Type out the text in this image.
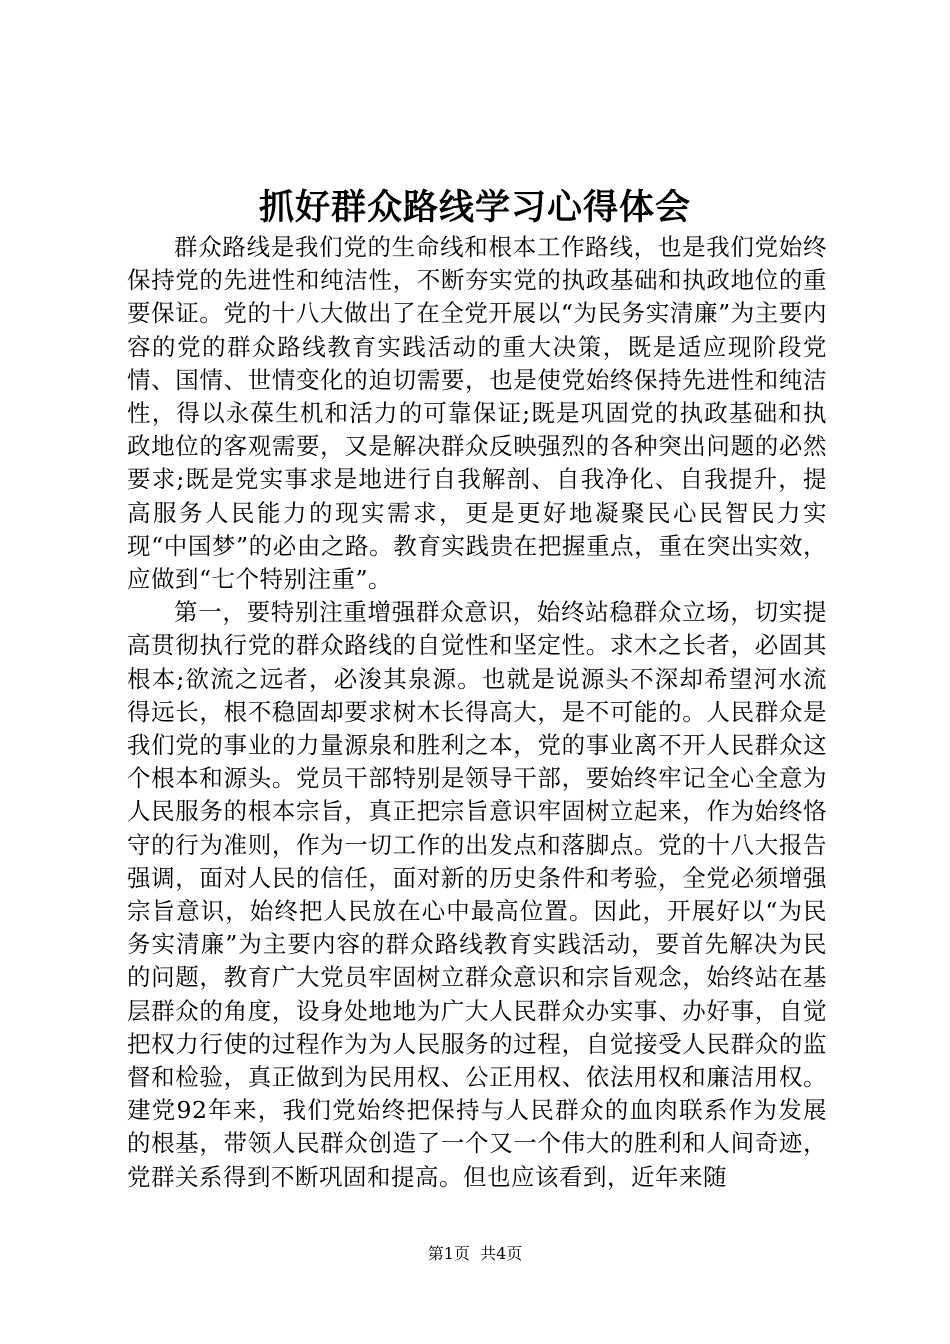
抓好群众路线学习心得体会

群众路线是我们党的生命线和根本工作路线，也是我们党始终保持党的先进性和纯洁性，不断夯实党的执政基础和执政地位的重要保证。党的十八大做出了在全党开展以“为民务实清廉”为主要内容的党的群众路线教育实践活动的重大决策，既是适应现阶段党情、国情、世情变化的迫切需要，也是使党始终保持先进性和纯洁性，得以永葆生机和活力的可靠保证;既是巩固党的执政基础和执政地位的客观需要，又是解决群众反映强烈的各种突出问题的必然要求;既是党实事求是地进行自我解剖、自我净化、自我提升，提高服务人民能力的现实需求，更是更好地凝聚民心民智民力实现“中国梦”的必由之路。教育实践贵在把握重点，重在突出实效，应做到“七个特别注重”。

第一，要特别注重增强群众意识，始终站稳群众立场，切实提高贯彻执行党的群众路线的自觉性和坚定性。求木之长者，必固其根本;欲流之远者，必浚其泉源。也就是说源头不深却希望河水流得远长，根不稳固却要求树木长得高大，是不可能的。人民群众是我们党的事业的力量源泉和胜利之本，党的事业离不开人民群众这个根本和源头。党员干部特别是领导干部，要始终牢记全心全意为人民服务的根本宗旨，真正把宗旨意识牢固树立起来，作为始终恪守的行为准则，作为一切工作的出发点和落脚点。党的十八大报告强调，面对人民的信任，面对新的历史条件和考验，全党必须增强宗旨意识，始终把人民放在心中最高位置。因此，开展好以“为民务实清廉”为主要内容的群众路线教育实践活动，要首先解决为民的问题，教育广大党员牢固树立群众意识和宗旨观念，始终站在基层群众的角度，设身处地地为广大人民群众办实事、办好事，自觉把权力行使的过程作为为人民服务的过程，自觉接受人民群众的监督和检验，真正做到为民用权、公正用权、依法用权和廉洁用权。建党92年来，我们党始终把保持与人民群众的血肉联系作为发展的根基，带领人民群众创造了一个又一个伟大的胜利和人间奇迹，党群关系得到不断巩固和提高。但也应该看到，近年来随

第1页 共4页
